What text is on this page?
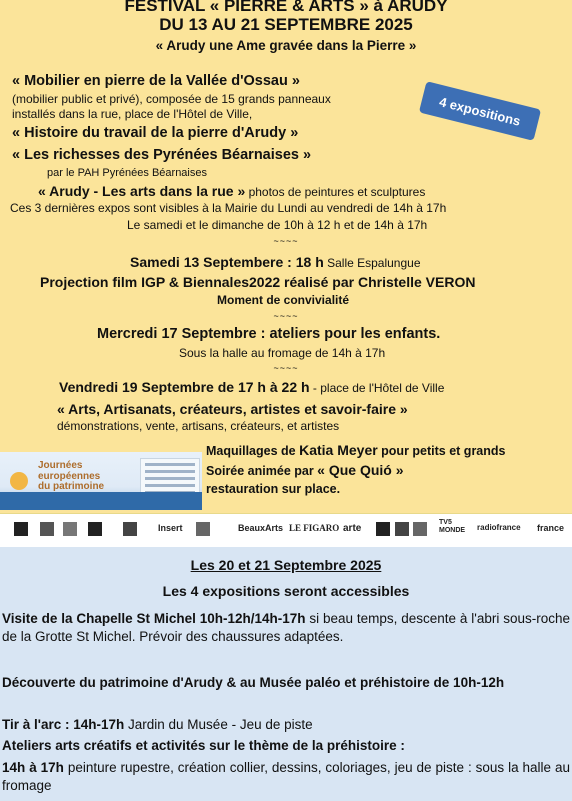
FESTIVAL « PIERRE & ARTS » à ARUDY
DU 13 AU 21 SEPTEMBRE 2025
« Arudy une Ame gravée dans la Pierre »
4 expositions
« Mobilier en pierre de la Vallée d'Ossau »
(mobilier public et privé), composée de 15 grands panneaux
installés dans la rue, place de l'Hôtel de Ville,
« Histoire du travail de la pierre d'Arudy »
« Les richesses des Pyrénées Béarnaises »
par le PAH Pyrénées Béarnaises
« Arudy - Les arts dans la rue » photos de peintures et sculptures
Ces 3 dernières expos sont visibles à la Mairie du Lundi au vendredi de 14h à 17h
Le samedi et le dimanche de 10h à 12 h et de 14h à 17h
~~~~
Samedi 13 Septembere : 18 h Salle Espalungue
Projection film IGP & Biennales2022 réalisé par Christelle VERON
Moment de convivialité
~~~~
Mercredi 17 Septembre : ateliers pour les enfants.
Sous la halle au fromage de 14h à 17h
~~~~
Vendredi 19 Septembre de 17 h à 22 h - place de l'Hôtel de Ville
« Arts, Artisanats, créateurs, artistes et savoir-faire »
démonstrations, vente, artisans, créateurs, et artistes
Journées
européennes
du patrimoine
Maquillages de Katia Meyer pour petits et grands
Soirée animée par « Que Quió »
restauration sur place.
Insert	BeauxArts LE FIGARO arte
TV5 MONDE radiofrance france
Les 20 et 21 Septembre 2025
Les 4 expositions seront accessibles
Visite de la Chapelle St Michel 10h-12h/14h-17h si beau temps, descente à l'abri sous-roche de la Grotte St Michel. Prévoir des chaussures adaptées.
Découverte du patrimoine d'Arudy & au Musée paléo et préhistoire de 10h-12h
Tir à l'arc : 14h-17h Jardin du Musée - Jeu de piste
Ateliers arts créatifs et activités sur le thème de la préhistoire :
14h à 17h peinture rupestre, création collier, dessins, coloriages, jeu de piste : sous la halle au fromage
